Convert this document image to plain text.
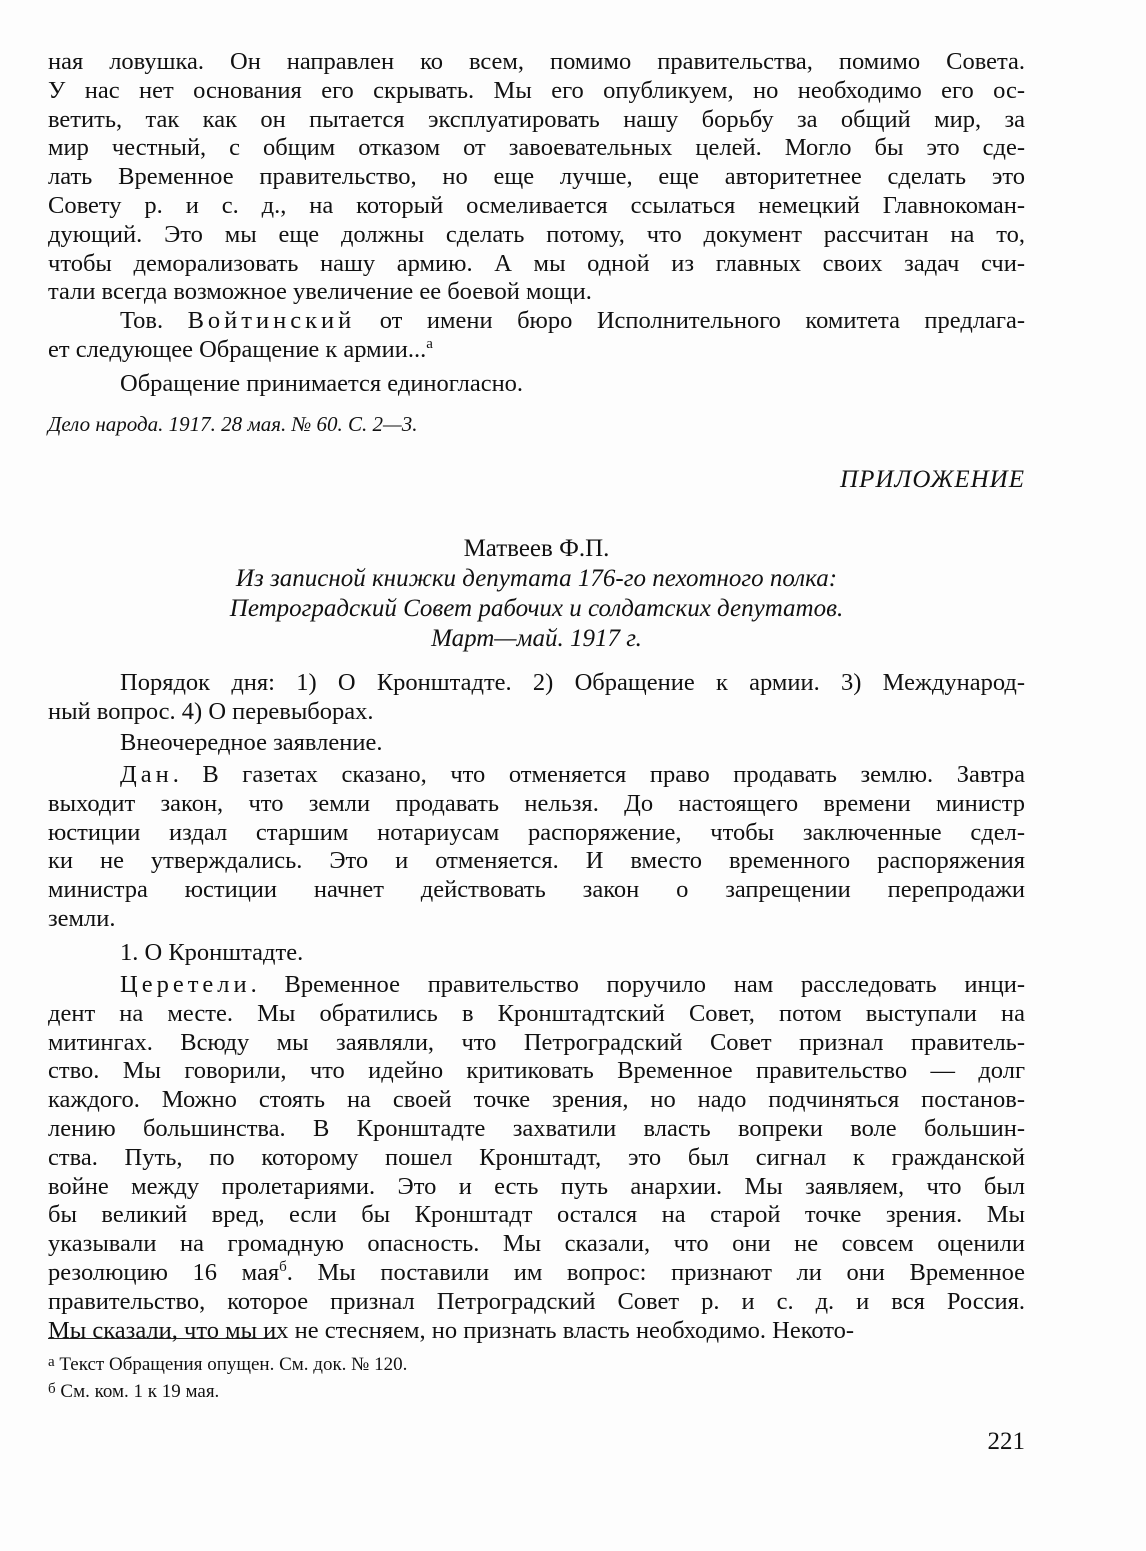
Дело народа. 1917. 28 мая. № 60. С. 2—3.
ПРИЛОЖЕНИЕ
Матвеев Ф.П.
Из записной книжки депутата 176-го пехотного полка:
Петроградский Совет рабочих и солдатских депутатов.
Март—май. 1917 г.
$^а$ Текст Обращения опущен. См. док. № 120.
$^б$ См. ком. 1 к 19 мая.
221
ная ловушка. Он направлен ко всем, помимо правительства, помимо Совета.
У нас нет основания его скрывать. Мы его опубликуем, но необходимо его ос-
ветить, так как он пытается эксплуатировать нашу борьбу за общий мир, за
мир честный, с общим отказом от завоевательных целей. Могло бы это сде-
лать Временное правительство, но еще лучше, еще авторитетнее сделать это
Совету р. и с. д., на который осмеливается ссылаться немецкий Главнокоман-
дующий. Это мы еще должны сделать потому, что документ рассчитан на то,
чтобы деморализовать нашу армию. А мы одной из главных своих задач счи-
тали всегда возможное увеличение ее боевой мощи.
Тов. Войтинский от имени бюро Исполнительного комитета предлага-
ет следующее Обращение к армии...$^а$
Обращение принимается единогласно.
Порядок дня: 1) О Кронштадте. 2) Обращение к армии. 3) Международ-
ный вопрос. 4) О перевыборах.
Внеочередное заявление.
Дан. В газетах сказано, что отменяется право продавать землю. Завтра
выходит закон, что земли продавать нельзя. До настоящего времени министр
юстиции издал старшим нотариусам распоряжение, чтобы заключенные сдел-
ки не утверждались. Это и отменяется. И вместо временного распоряжения
министра юстиции начнет действовать закон о запрещении перепродажи
земли.
1. О Кронштадте.
Церетели. Временное правительство поручило нам расследовать инци-
дент на месте. Мы обратились в Кронштадтский Совет, потом выступали на
митингах. Всюду мы заявляли, что Петроградский Совет признал правитель-
ство. Мы говорили, что идейно критиковать Временное правительство — долг
каждого. Можно стоять на своей точке зрения, но надо подчиняться постанов-
лению большинства. В Кронштадте захватили власть вопреки воле большин-
ства. Путь, по которому пошел Кронштадт, это был сигнал к гражданской
войне между пролетариями. Это и есть путь анархии. Мы заявляем, что был
бы великий вред, если бы Кронштадт остался на старой точке зрения. Мы
указывали на громадную опасность. Мы сказали, что они не совсем оценили
резолюцию 16 мая$^б$. Мы поставили им вопрос: признают ли они Временное
правительство, которое признал Петроградский Совет р. и с. д. и вся Россия.
Мы сказали, что мы их не стесняем, но признать власть необходимо. Некото-
